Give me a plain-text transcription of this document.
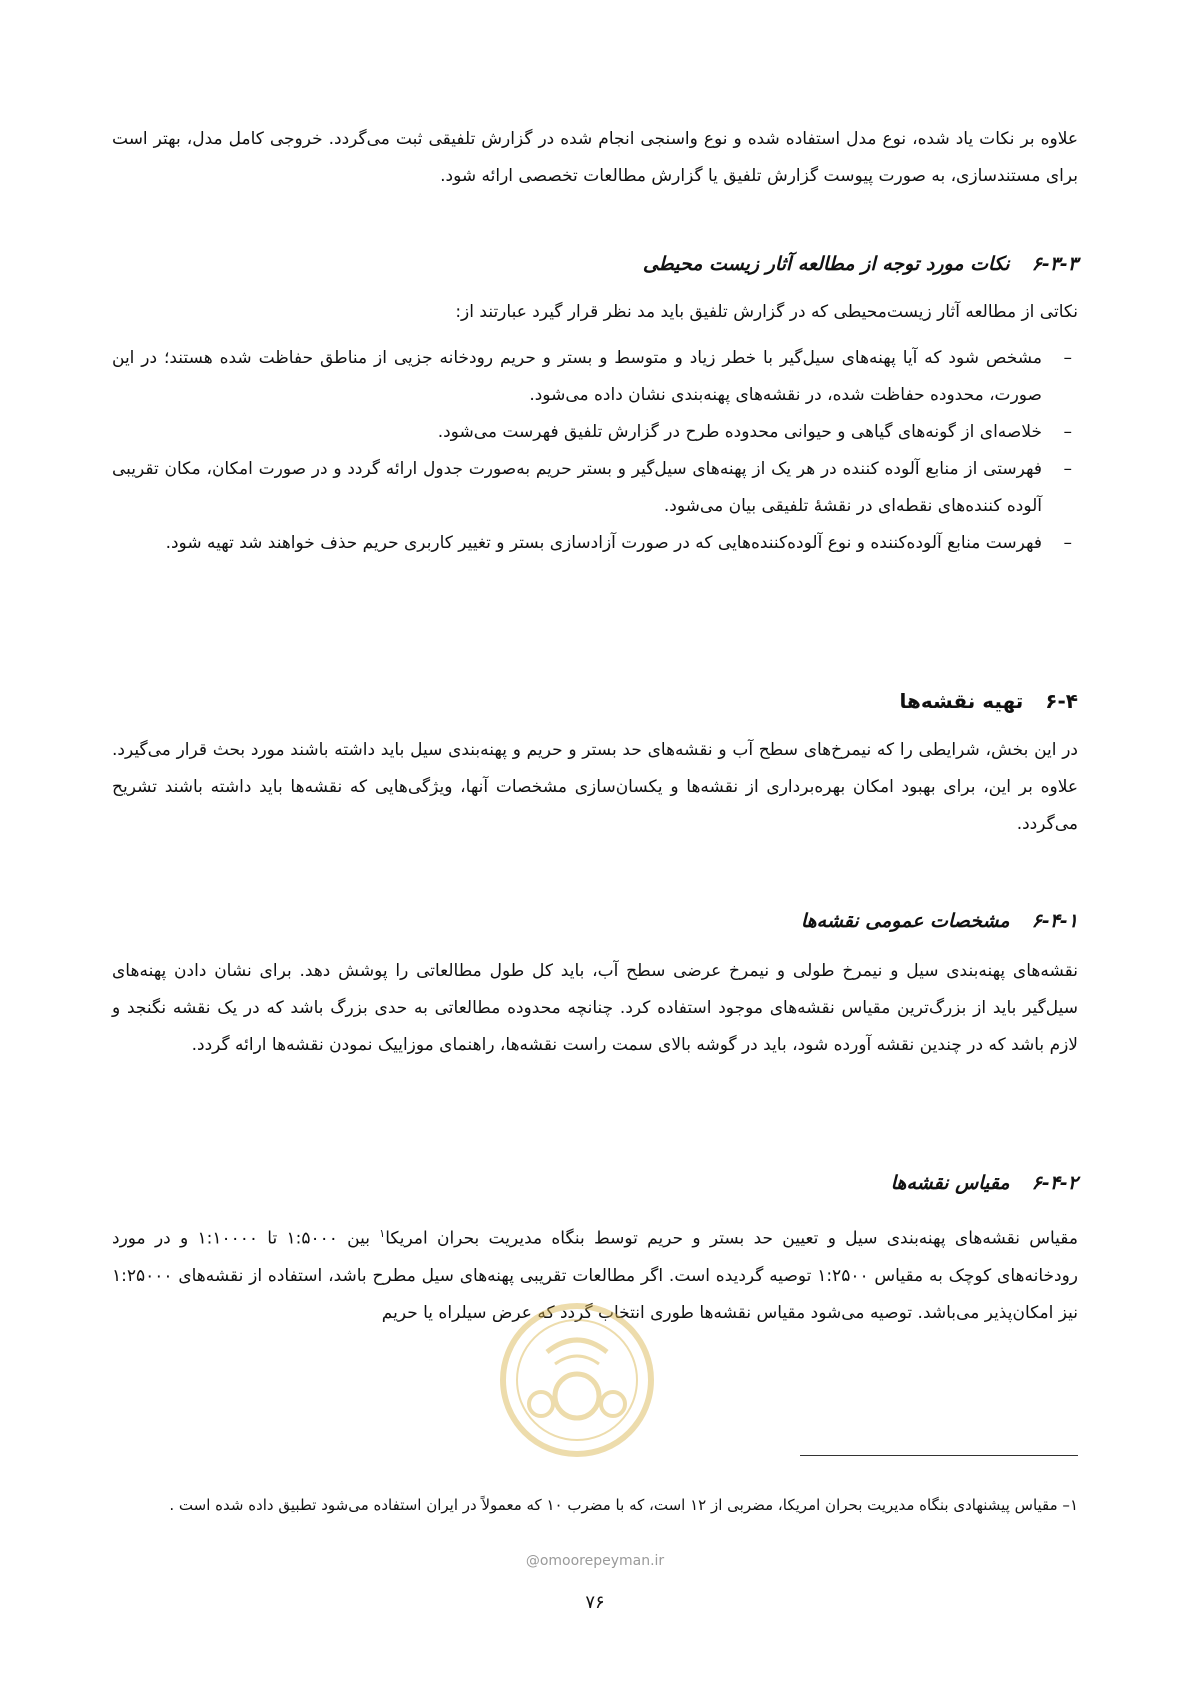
علاوه بر نکات یاد شده، نوع مدل استفاده شده و نوع واسنجی انجام شده در گزارش تلفیقی ثبت می‌گردد. خروجی کامل مدل، بهتر است برای مستندسازی، به صورت پیوست گزارش تلفیق یا گزارش مطالعات تخصصی ارائه شود.

۶-۳-۳نکات مورد توجه از مطالعه آثار زیست محیطی

نکاتی از مطالعه آثار زیست‌محیطی که در گزارش تلفیق باید مد نظر قرار گیرد عبارتند از:

–
مشخص شود که آیا پهنه‌های سیل‌گیر با خطر زیاد و متوسط و بستر و حریم رودخانه جزیی از مناطق حفاظت شده هستند؛ در این صورت، محدوده حفاظت شده، در نقشه‌های پهنه‌بندی نشان داده می‌شود.
–
خلاصه‌ای از گونه‌های گیاهی و حیوانی محدوده طرح در گزارش تلفیق فهرست می‌شود.
–
فهرستی از منابع آلوده کننده در هر یک از پهنه‌های سیل‌گیر و بستر حریم به‌صورت جدول ارائه گردد و در صورت امکان، مکان تقریبی آلوده کننده‌های نقطه‌ای در نقشهٔ تلفیقی بیان می‌شود.
–
فهرست منابع آلوده‌کننده و نوع آلوده‌کننده‌هایی که در صورت آزادسازی بستر و تغییر کاربری حریم حذف خواهند شد تهیه شود.
۶-۴تهیه نقشه‌ها

در این بخش، شرایطی را که نیمرخ‌های سطح آب و نقشه‌های حد بستر و حریم و پهنه‌بندی سیل باید داشته باشند مورد بحث قرار می‌گیرد. علاوه بر این، برای بهبود امکان بهره‌برداری از نقشه‌ها و یکسان‌سازی مشخصات آنها، ویژگی‌هایی که نقشه‌ها باید داشته باشند تشریح می‌گردد.

۶-۴-۱مشخصات عمومی نقشه‌ها

نقشه‌های پهنه‌بندی سیل و نیمرخ طولی و نیمرخ عرضی سطح آب، باید کل طول مطالعاتی را پوشش دهد. برای نشان دادن پهنه‌های سیل‌گیر باید از بزرگ‌ترین مقیاس نقشه‌های موجود استفاده کرد. چنانچه محدوده مطالعاتی به حدی بزرگ باشد که در یک نقشه نگنجد و لازم باشد که در چندین نقشه آورده شود، باید در گوشه بالای سمت راست نقشه‌ها، راهنمای موزاییک نمودن نقشه‌ها ارائه گردد.

۶-۴-۲مقیاس نقشه‌ها

مقیاس نقشه‌های پهنه‌بندی سیل و تعیین حد بستر و حریم توسط بنگاه مدیریت بحران امریکا$^۱$ بین ۱:۵۰۰۰ تا ۱:۱۰۰۰۰ و در مورد رودخانه‌های کوچک به مقیاس ۱:۲۵۰۰ توصیه گردیده است. اگر مطالعات تقریبی پهنه‌های سیل مطرح باشد، استفاده از نقشه‌های ۱:۲۵۰۰۰ نیز امکان‌پذیر می‌باشد. توصیه می‌شود مقیاس نقشه‌ها طوری انتخاب گردد که عرض سیلراه یا حریم

۱– مقیاس پیشنهادی بنگاه مدیریت بحران امریکا، مضربی از ۱۲ است، که با مضرب ۱۰ که معمولاً در ایران استفاده می‌شود تطبیق داده شده است .

@omoorepeyman.ir
۷۶
